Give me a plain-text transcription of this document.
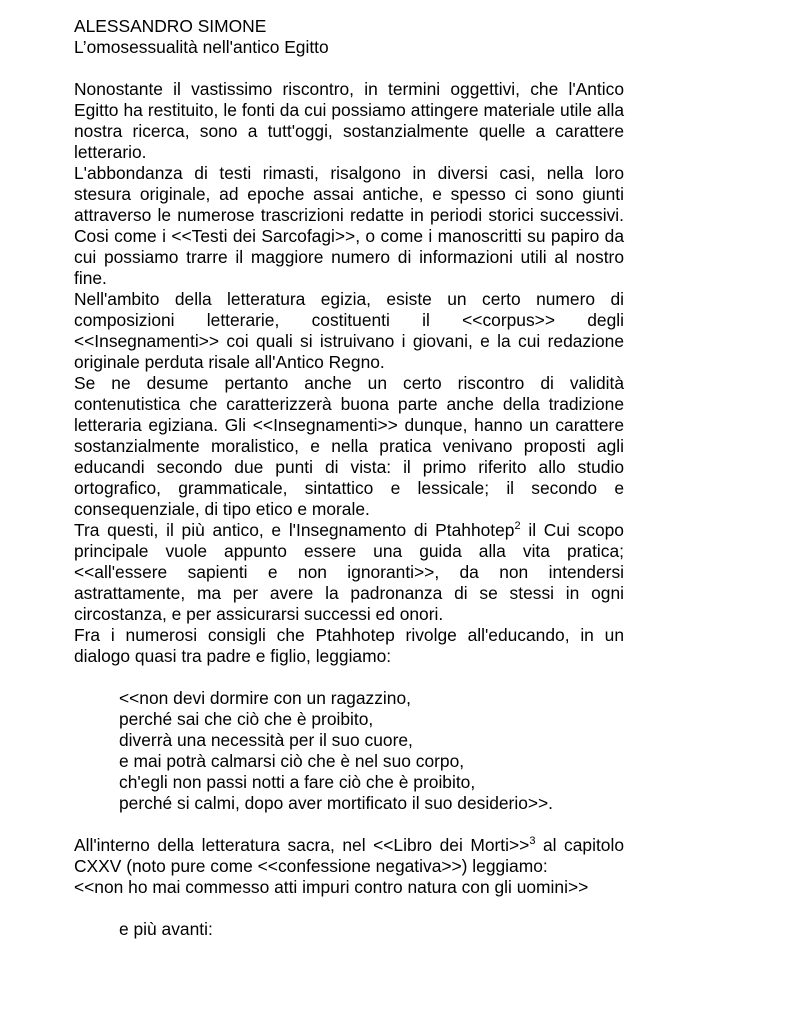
ALESSANDRO SIMONE
L’omosessualità nell'antico Egitto

Nonostante il vastissimo riscontro, in termini oggettivi, che l'Antico Egitto ha restituito, le fonti da cui possiamo attingere materiale utile alla nostra ricerca, sono a tutt'oggi, sostanzialmente quelle a carattere letterario.

L'abbondanza di testi rimasti, risalgono in diversi casi, nella loro stesura originale, ad epoche assai antiche, e spesso ci sono giunti attraverso le numerose trascrizioni redatte in periodi storici successivi. Cosi come i <<Testi dei Sarcofagi>>, o come i manoscritti su papiro da cui possiamo trarre il maggiore numero di informazioni utili al nostro fine.

Nell'ambito della letteratura egizia, esiste un certo numero di composizioni letterarie, costituenti il <<corpus>> degli <<Insegnamenti>> coi quali si istruivano i giovani, e la cui redazione originale perduta risale all'Antico Regno.

Se ne desume pertanto anche un certo riscontro di validità contenutistica che caratterizzerà buona parte anche della tradizione letteraria egiziana. Gli <<Insegnamenti>> dunque, hanno un carattere sostanzialmente moralistico, e nella pratica venivano proposti agli educandi secondo due punti di vista: il primo riferito allo studio ortografico, grammaticale, sintattico e lessicale; il secondo e consequenziale, di tipo etico e morale.

Tra questi, il più antico, e l'Insegnamento di Ptahhotep$^2$ il Cui scopo principale vuole appunto essere una guida alla vita pratica; <<all'essere sapienti e non ignoranti>>, da non intendersi astrattamente, ma per avere la padronanza di se stessi in ogni circostanza, e per assicurarsi successi ed onori.

Fra i numerosi consigli che Ptahhotep rivolge all'educando, in un dialogo quasi tra padre e figlio, leggiamo:

<<non devi dormire con un ragazzino,
perché sai che ciò che è proibito,
diverrà una necessità per il suo cuore,
e mai potrà calmarsi ciò che è nel suo corpo,
ch'egli non passi notti a fare ciò che è proibito,
perché si calmi, dopo aver mortificato il suo desiderio>>.

All'interno della letteratura sacra, nel <<Libro dei Morti>>$^3$ al capitolo CXXV (noto pure come <<confessione negativa>>) leggiamo:

<<non ho mai commesso atti impuri contro natura con gli uomini>>
e più avanti:
